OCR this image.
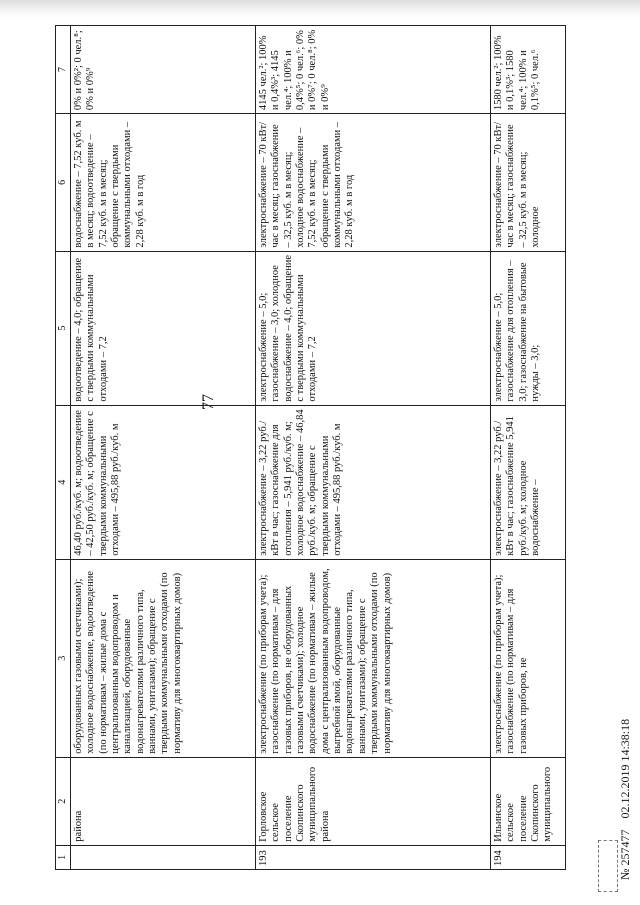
77
1	2	3	4	5	6	7
	района	оборудованных газовыми счетчиками); холодное водоснабжение, водоотведение (по нормативам – жилые дома с централизованным водопроводом и канализацией, оборудованные водонагревателями различного типа, ваннами, унитазами); обращение с твердыми коммунальными отходами (по нормативу для многоквартирных домов)	46,40 руб./куб. м; водоотведение – 42,50 руб./куб. м; обращение с твердыми коммунальными отходами – 495,88 руб./куб. м	водоотведение – 4,0; обращение с твердыми коммунальными отходами – 7,2	водоснабжение – 7,52 куб. м в месяц; водоотведение – 7,52 куб. м в месяц; обращение с твердыми коммунальными отходами – 2,28 куб. м в год	0% и 0%²; 0 чел.⁸; 0% и 0%⁹
193	Горловское сельское поселение Скопинского муниципального района	электроснабжение (по приборам учета); газоснабжение (по нормативам – для газовых приборов, не оборудованных газовыми счетчиками); холодное водоснабжение (по нормативам – жилые дома с централизованным водопроводом, выгребной ямой, оборудованные водонагревателями различного типа, ваннами, унитазами); обращение с твердыми коммунальными отходами (по нормативу для многоквартирных домов)	электроснабжение – 3,22 руб./кВт в час; газоснабжение для отопления – 5,941 руб./куб. м; холодное водоснабжение – 46,84 руб./куб. м; обращение с твердыми коммунальными отходами – 495,88 руб./куб. м	электроснабжение – 5,0; газоснабжение – 3,0; холодное водоснабжение – 4,0; обращение с твердыми коммунальными отходами – 7,2	электроснабжение – 70 кВт/час в месяц; газоснабжение – 32,5 куб. м в месяц; холодное водоснабжение – 7,52 куб. м в месяц; обращение с твердыми коммунальными отходами – 2,28 куб. м в год	4145 чел.²; 100% и 0,4%³; 4145 чел.⁴; 100% и 0,4%⁵; 0 чел.⁶; 0% и 0%⁷; 0 чел.⁸; 0% и 0%⁹
194	Ильинское сельское поселение Скопинского муниципального	электроснабжение (по приборам учета); газоснабжение (по нормативам – для газовых приборов, не	электроснабжение – 3,22 руб./кВт в час; газоснабжение 5,941 руб./куб. м; холодное водоснабжение –	электроснабжение – 5,0; газоснабжение для отопления – 3,0; газоснабжение на бытовые нужды – 3,0;	электроснабжение – 70 кВт/час в месяц; газоснабжение – 32,5 куб. м в месяц; холодное	1580 чел.²; 100% и 0,1%³; 1580 чел.⁴; 100% и 0,1%⁵; 0 чел.⁶
№ 257477 02.12.2019 14:38:18
